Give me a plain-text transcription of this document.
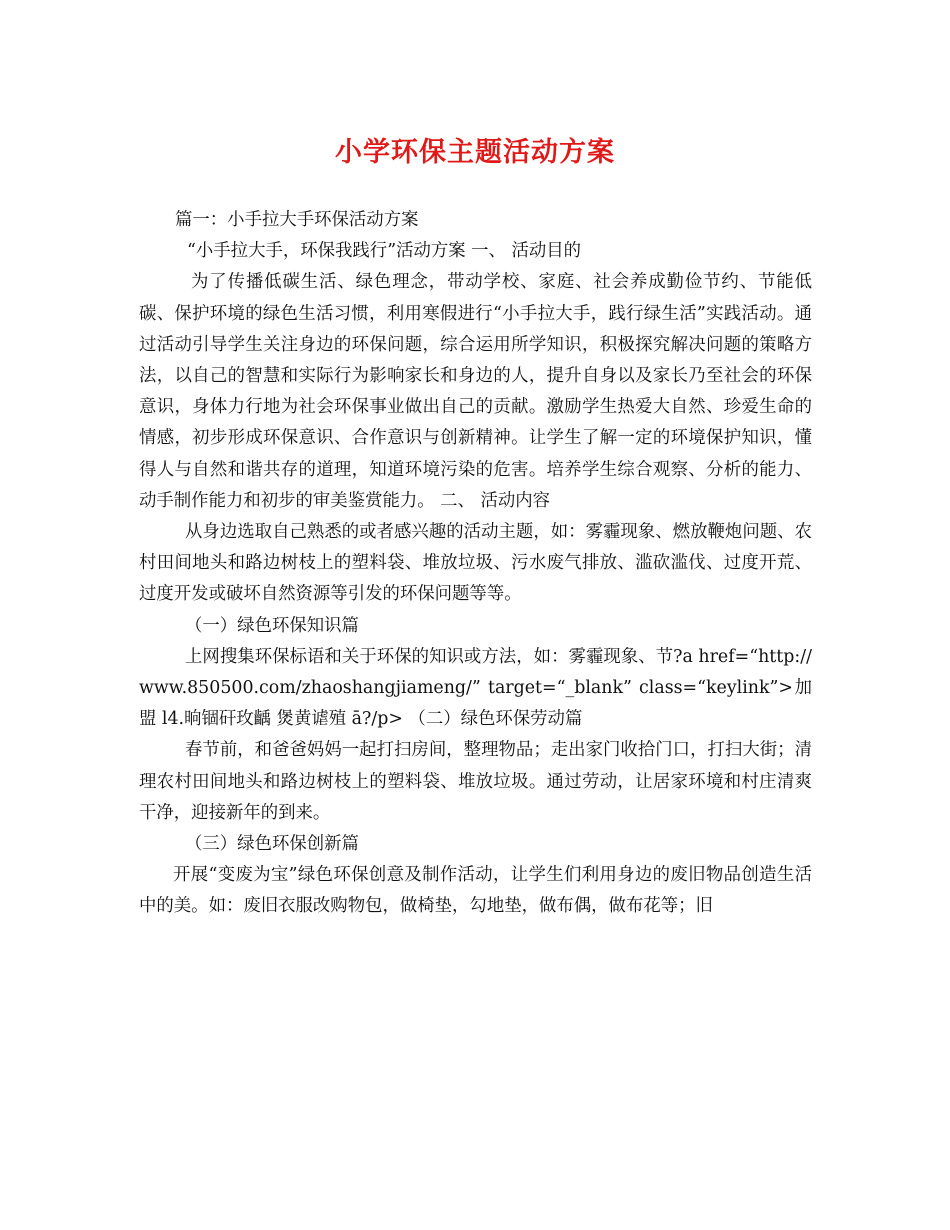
小学环保主题活动方案

篇一：小手拉大手环保活动方案

“小手拉大手，环保我践行”活动方案 一、 活动目的

为了传播低碳生活、绿色理念，带动学校、家庭、社会养成勤俭节约、节能低碳、保护环境的绿色生活习惯，利用寒假进行“小手拉大手，践行绿生活”实践活动。通过活动引导学生关注身边的环保问题，综合运用所学知识，积极探究解决问题的策略方法，以自己的智慧和实际行为影响家长和身边的人，提升自身以及家长乃至社会的环保意识，身体力行地为社会环保事业做出自己的贡献。激励学生热爱大自然、珍爱生命的情感，初步形成环保意识、合作意识与创新精神。让学生了解一定的环境保护知识，懂得人与自然和谐共存的道理，知道环境污染的危害。培养学生综合观察、分析的能力、动手制作能力和初步的审美鉴赏能力。 二、 活动内容

从身边选取自己熟悉的或者感兴趣的活动主题，如：雾霾现象、燃放鞭炮问题、农村田间地头和路边树枝上的塑料袋、堆放垃圾、污水废气排放、滥砍滥伐、过度开荒、过度开发或破坏自然资源等引发的环保问题等等。

（一）绿色环保知识篇

上网搜集环保标语和关于环保的知识或方法，如：雾霾现象、节?a href=“http://www.850500.com/zhaoshangjiameng/” target=“_blank” class=“keylink”>加盟 l4.晌锢矸玫齲 煲黄谑殖 ā?/p> （二）绿色环保劳动篇

春节前，和爸爸妈妈一起打扫房间，整理物品；走出家门收拾门口，打扫大街；清理农村田间地头和路边树枝上的塑料袋、堆放垃圾。通过劳动，让居家环境和村庄清爽干净，迎接新年的到来。

（三）绿色环保创新篇

开展“变废为宝”绿色环保创意及制作活动，让学生们利用身边的废旧物品创造生活中的美。如：废旧衣服改购物包，做椅垫，勾地垫，做布偶，做布花等；旧
